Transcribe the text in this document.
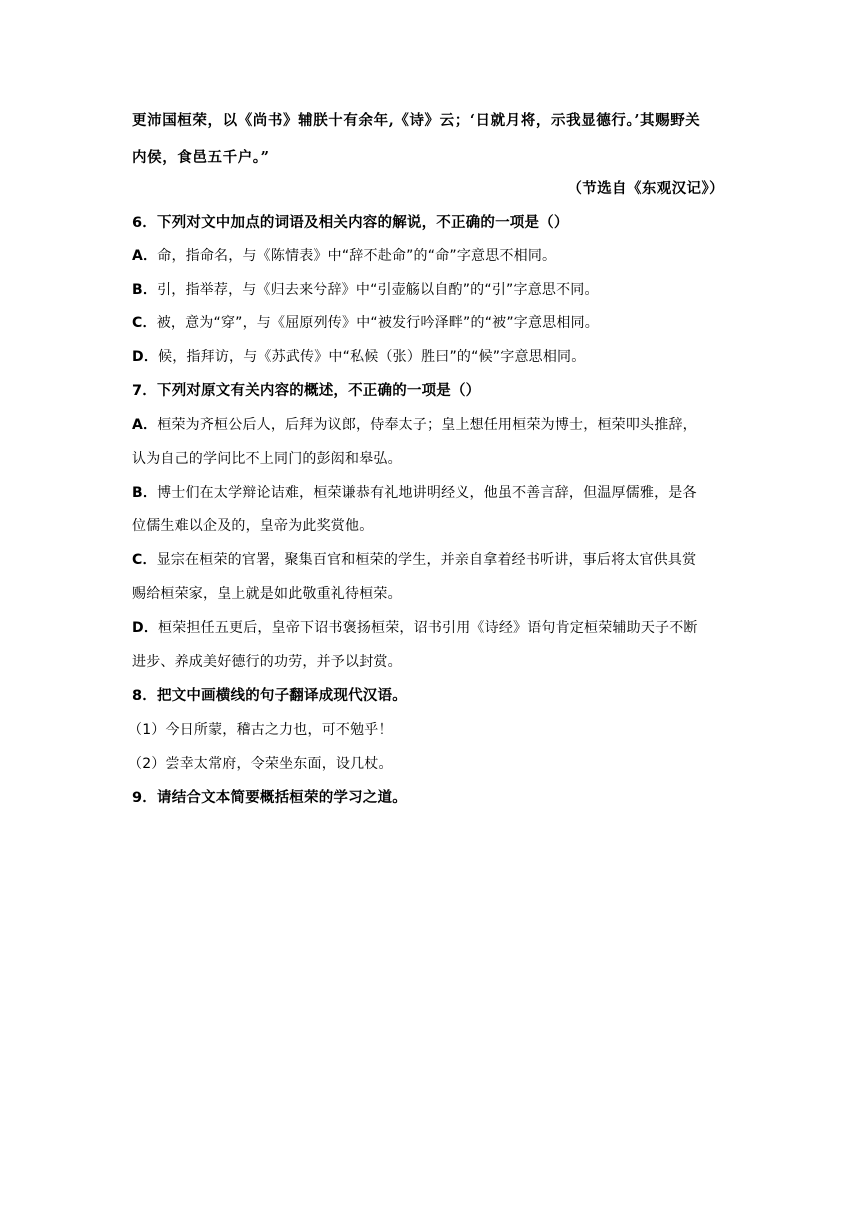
更沛国桓荣，以《尚书》辅朕十有余年,《诗》云；‘日就月将，示我显德行。’其赐野关
内侯，食邑五千户。”
（节选自《东观汉记》）
6．下列对文中加点的词语及相关内容的解说，不正确的一项是（）
A．命，指命名，与《陈情表》中“辞不赴命”的“命”字意思不相同。
B．引，指举荐，与《归去来兮辞》中“引壶觞以自酌”的“引”字意思不同。
C．被，意为“穿”，与《屈原列传》中“被发行吟泽畔”的“被”字意思相同。
D．候，指拜访，与《苏武传》中“私候（张）胜曰”的“候”字意思相同。
7．下列对原文有关内容的概述，不正确的一项是（）
A．桓荣为齐桓公后人，后拜为议郎，侍奉太子；皇上想任用桓荣为博士，桓荣叩头推辞，
认为自己的学问比不上同门的彭闳和皋弘。
B．博士们在太学辩论诘难，桓荣谦恭有礼地讲明经义，他虽不善言辞，但温厚儒雅，是各
位儒生难以企及的，皇帝为此奖赏他。
C．显宗在桓荣的官署，聚集百官和桓荣的学生，并亲自拿着经书听讲，事后将太官供具赏
赐给桓荣家，皇上就是如此敬重礼待桓荣。
D．桓荣担任五更后，皇帝下诏书褒扬桓荣，诏书引用《诗经》语句肯定桓荣辅助天子不断
进步、养成美好德行的功劳，并予以封赏。
8．把文中画横线的句子翻译成现代汉语。
（1）今日所蒙，稽古之力也，可不勉乎！
（2）尝幸太常府，令荣坐东面，设几杖。
9．请结合文本简要概括桓荣的学习之道。
